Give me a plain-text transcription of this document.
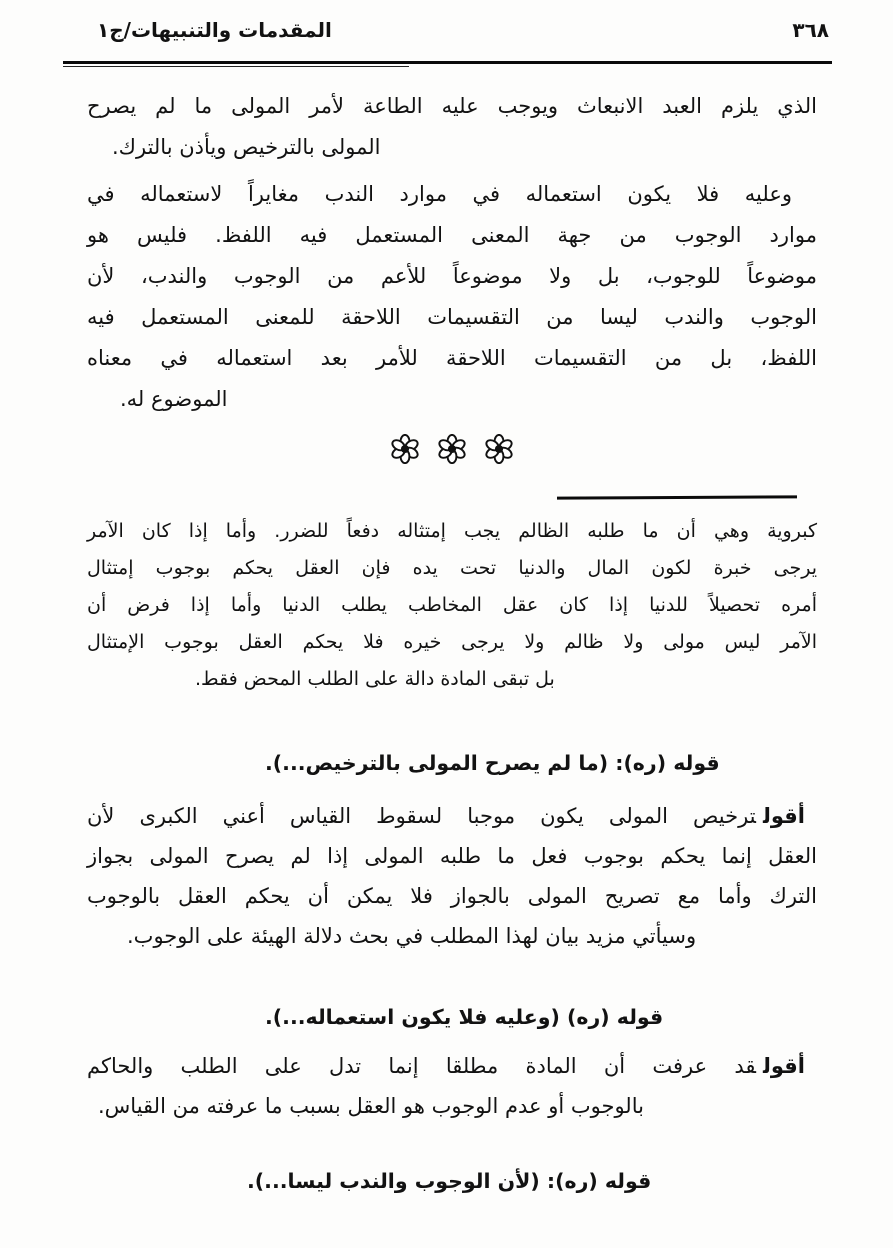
المقدمات والتنبيهات/ج١	٣٦٨
الذي يلزم العبد الانبعاث ويوجب عليه الطاعة لأمر المولى ما لم يصرح
المولى بالترخيص ويأذن بالترك.
وعليه فلا يكون استعماله في موارد الندب مغايراً لاستعماله في
موارد الوجوب من جهة المعنى المستعمل فيه اللفظ. فليس هو
موضوعاً للوجوب، بل ولا موضوعاً للأعم من الوجوب والندب، لأن
الوجوب والندب ليسا من التقسيمات اللاحقة للمعنى المستعمل فيه
اللفظ، بل من التقسيمات اللاحقة للأمر بعد استعماله في معناه
الموضوع له.
كبروية وهي أن ما طلبه الظالم يجب إمتثاله دفعاً للضرر. وأما إذا كان الآمر
يرجى خبرة لكون المال والدنيا تحت يده فإن العقل يحكم بوجوب إمتثال
أمره تحصيلاً للدنيا إذا كان عقل المخاطب يطلب الدنيا وأما إذا فرض أن
الآمر ليس مولى ولا ظالم ولا يرجى خيره فلا يحكم العقل بوجوب الإمتثال
بل تبقى المادة دالة على الطلب المحض فقط.
قوله (ره): (ما لم يصرح المولى بالترخيص...).
أقولترخيص المولى يكون موجبا لسقوط القياس أعني الكبرى لأن
العقل إنما يحكم بوجوب فعل ما طلبه المولى إذا لم يصرح المولى بجواز
الترك وأما مع تصريح المولى بالجواز فلا يمكن أن يحكم العقل بالوجوب
وسيأتي مزيد بيان لهذا المطلب في بحث دلالة الهيئة على الوجوب.
قوله (ره) (وعليه فلا يكون استعماله...).
أقولقد عرفت أن المادة مطلقا إنما تدل على الطلب والحاكم
بالوجوب أو عدم الوجوب هو العقل بسبب ما عرفته من القياس.
قوله (ره): (لأن الوجوب والندب ليسا...).
